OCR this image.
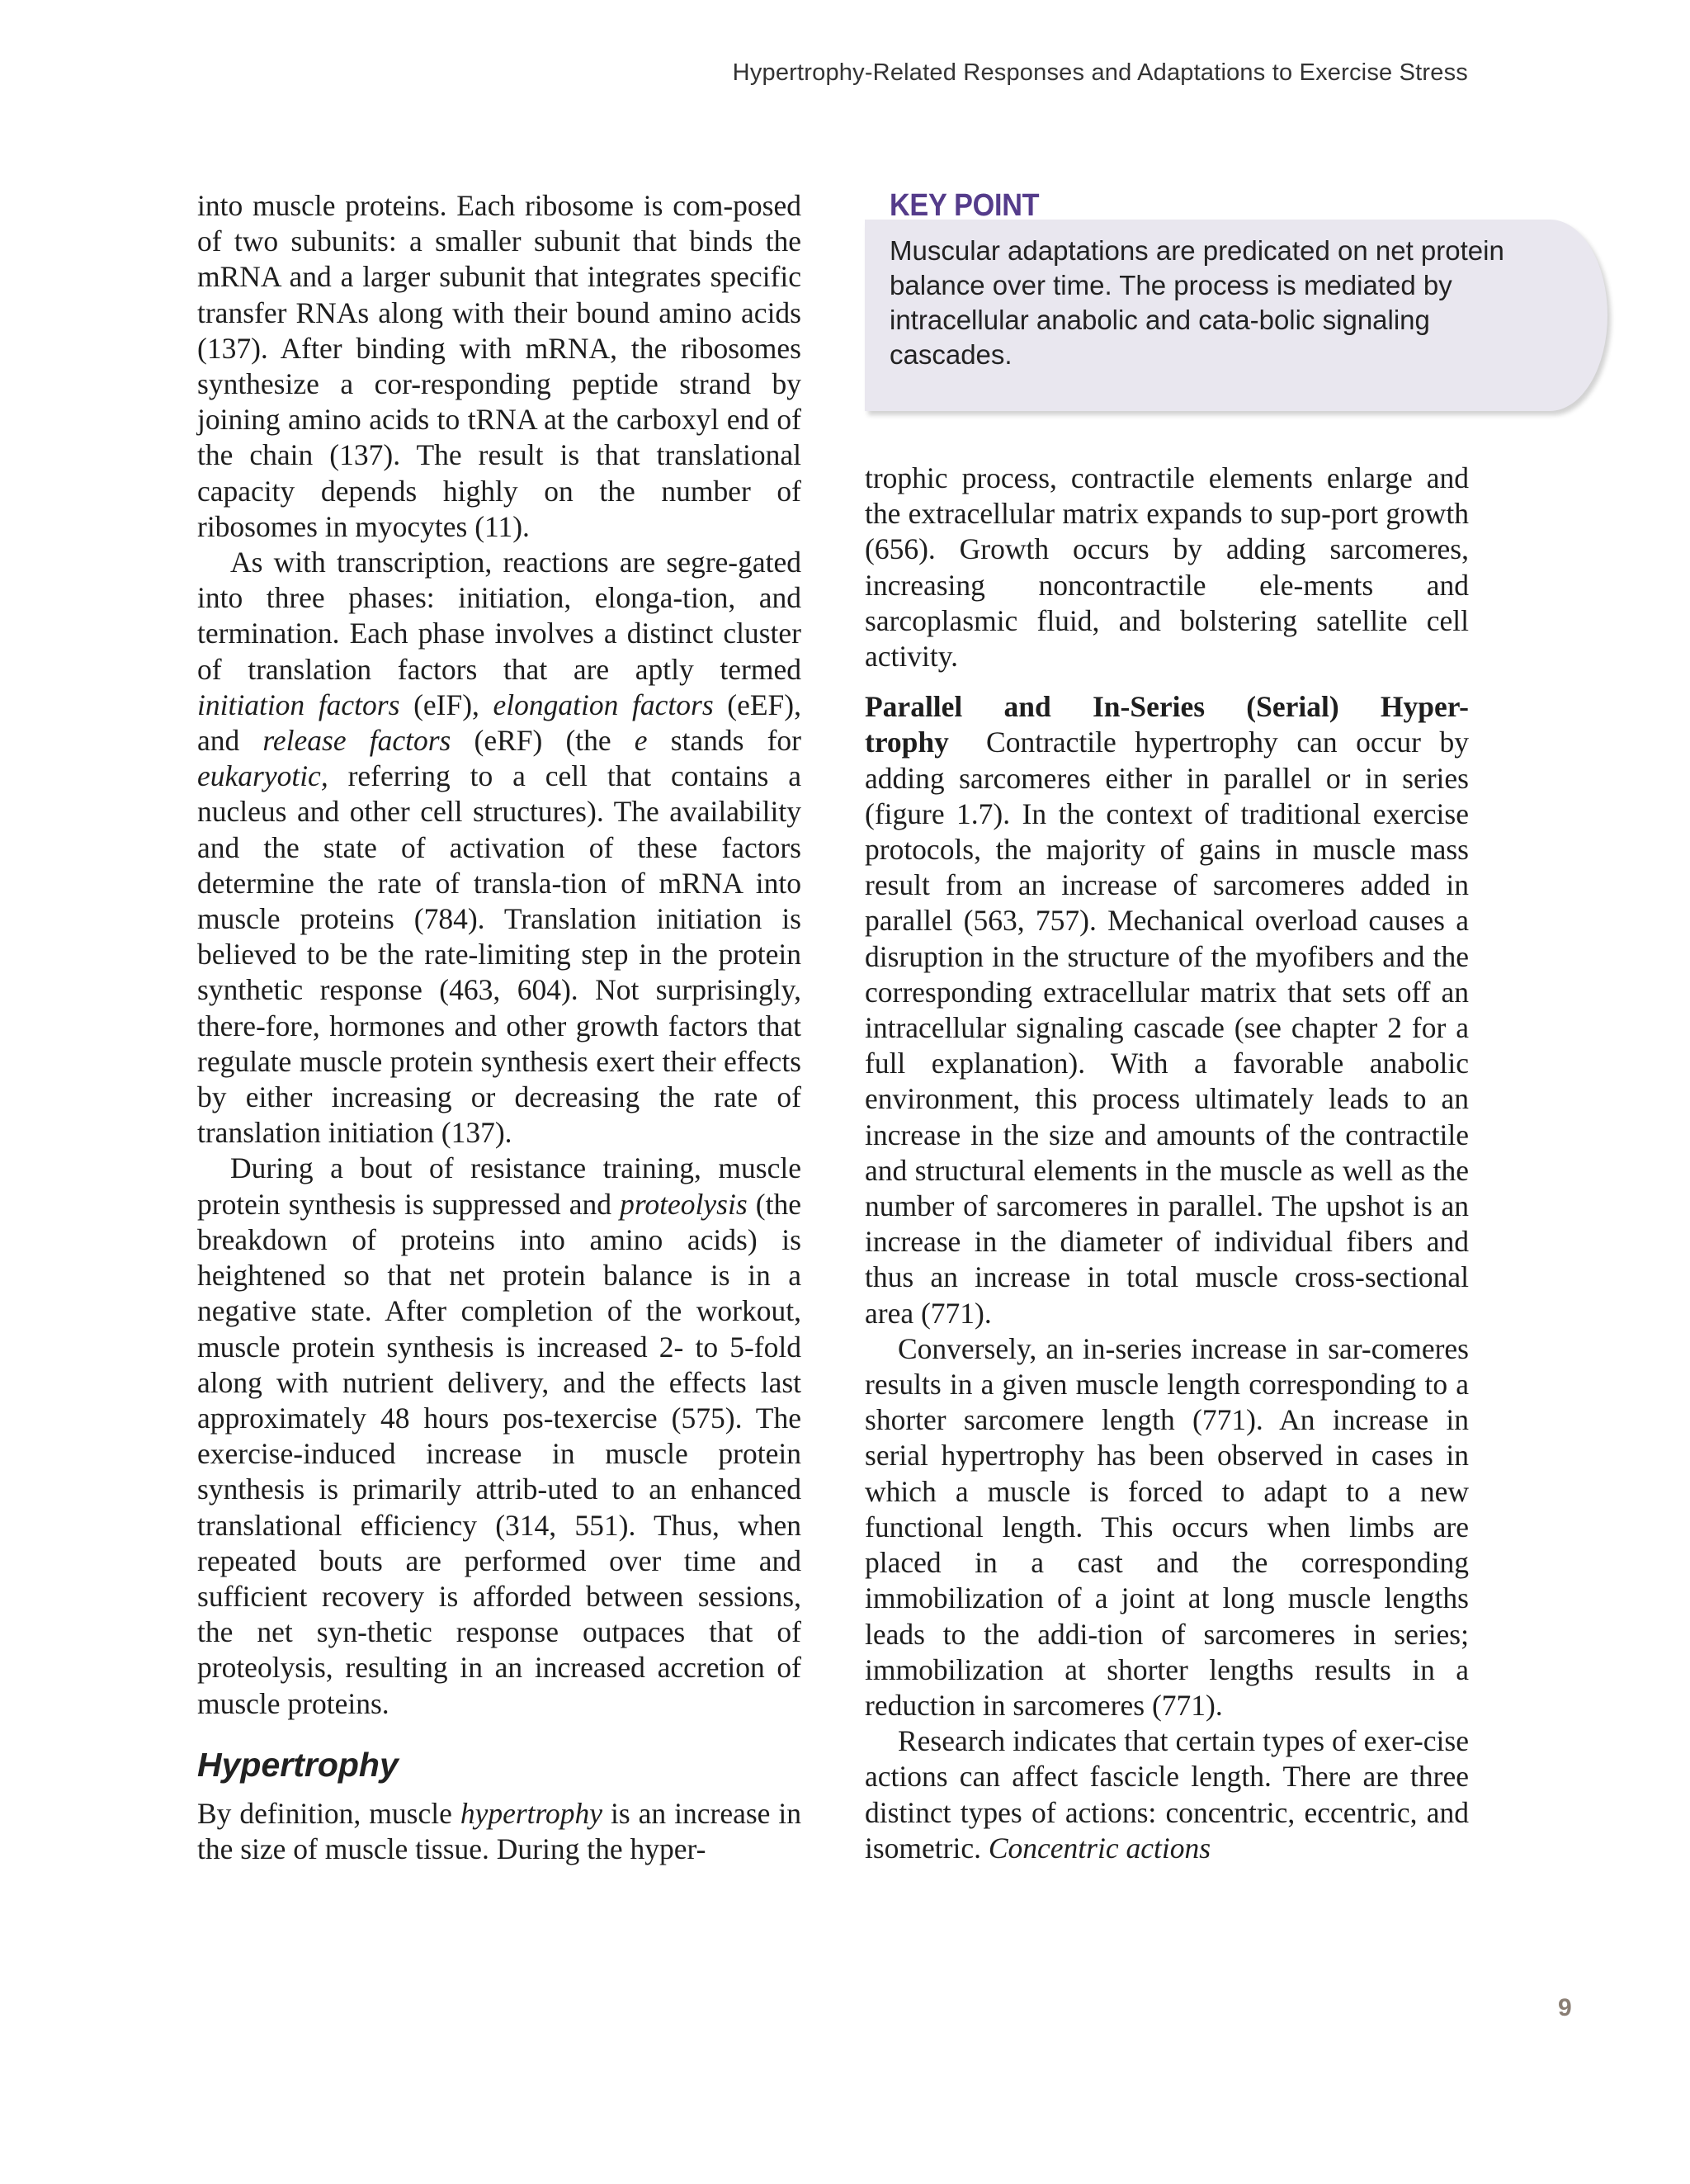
Hypertrophy-Related Responses and Adaptations to Exercise Stress

into muscle proteins. Each ribosome is com-posed of two subunits: a smaller subunit that binds the mRNA and a larger subunit that integrates specific transfer RNAs along with their bound amino acids (137). After binding with mRNA, the ribosomes synthesize a cor-responding peptide strand by joining amino acids to tRNA at the carboxyl end of the chain (137). The result is that translational capacity depends highly on the number of ribosomes in myocytes (11).

As with transcription, reactions are segre-gated into three phases: initiation, elonga-tion, and termination. Each phase involves a distinct cluster of translation factors that are aptly termed initiation factors (eIF), elongation factors (eEF), and release factors (eRF) (the e stands for eukaryotic, referring to a cell that contains a nucleus and other cell structures). The availability and the state of activation of these factors determine the rate of transla-tion of mRNA into muscle proteins (784). Translation initiation is believed to be the rate-limiting step in the protein synthetic response (463, 604). Not surprisingly, there-fore, hormones and other growth factors that regulate muscle protein synthesis exert their effects by either increasing or decreasing the rate of translation initiation (137).

During a bout of resistance training, muscle protein synthesis is suppressed and proteolysis (the breakdown of proteins into amino acids) is heightened so that net protein balance is in a negative state. After completion of the workout, muscle protein synthesis is increased 2- to 5-fold along with nutrient delivery, and the effects last approximately 48 hours pos-texercise (575). The exercise-induced increase in muscle protein synthesis is primarily attrib-uted to an enhanced translational efficiency (314, 551). Thus, when repeated bouts are performed over time and sufficient recovery is afforded between sessions, the net syn-thetic response outpaces that of proteolysis, resulting in an increased accretion of muscle proteins.

Hypertrophy

By definition, muscle hypertrophy is an increase in the size of muscle tissue. During the hyper-

KEY POINT
Muscular adaptations are predicated on net protein balance over time. The process is mediated by intracellular anabolic and cata-bolic signaling cascades.

trophic process, contractile elements enlarge and the extracellular matrix expands to sup-port growth (656). Growth occurs by adding sarcomeres, increasing noncontractile ele-ments and sarcoplasmic fluid, and bolstering satellite cell activity.

Parallel and In-Series (Serial) Hyper-trophy Contractile hypertrophy can occur by adding sarcomeres either in parallel or in series (figure 1.7). In the context of traditional exercise protocols, the majority of gains in muscle mass result from an increase of sarcomeres added in parallel (563, 757). Mechanical overload causes a disruption in the structure of the myofibers and the corresponding extracellular matrix that sets off an intracellular signaling cascade (see chapter 2 for a full explanation). With a favorable anabolic environment, this process ultimately leads to an increase in the size and amounts of the contractile and structural elements in the muscle as well as the number of sarcomeres in parallel. The upshot is an increase in the diameter of individual fibers and thus an increase in total muscle cross-sectional area (771).

Conversely, an in-series increase in sar-comeres results in a given muscle length corresponding to a shorter sarcomere length (771). An increase in serial hypertrophy has been observed in cases in which a muscle is forced to adapt to a new functional length. This occurs when limbs are placed in a cast and the corresponding immobilization of a joint at long muscle lengths leads to the addi-tion of sarcomeres in series; immobilization at shorter lengths results in a reduction in sarcomeres (771).

Research indicates that certain types of exer-cise actions can affect fascicle length. There are three distinct types of actions: concentric, eccentric, and isometric. Concentric actions

9
